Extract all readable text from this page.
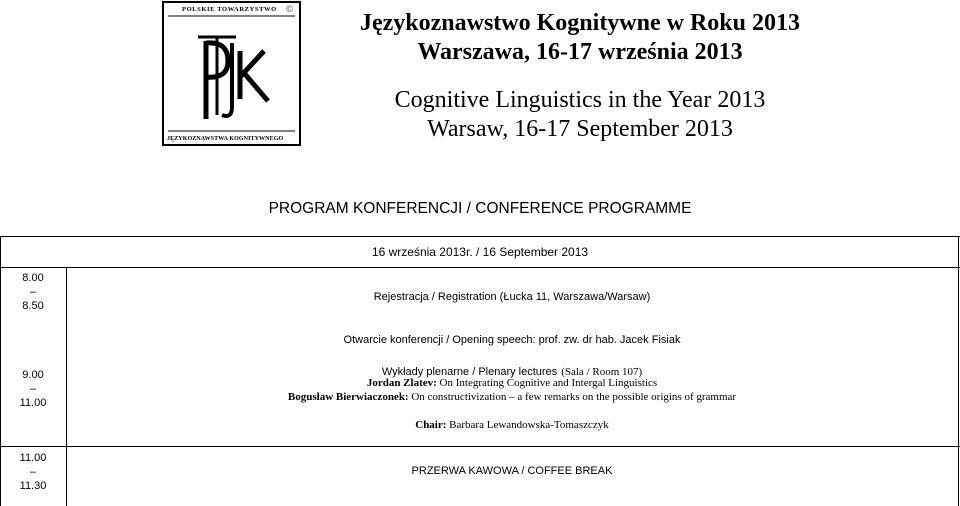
POLSKIE TOWARZYSTWO ©
JĘZYKOZNAWSTWA KOGNITYWNEGO
Językoznawstwo Kognitywne w Roku 2013
Warszawa, 16-17 września 2013
Cognitive Linguistics in the Year 2013
Warsaw, 16-17 September 2013
PROGRAM KONFERENCJI / CONFERENCE PROGRAMME
16 września 2013r. / 16 September 2013
8.00
–
8.50
Rejestracja / Registration (Łucka 11, Warszawa/Warsaw)
Otwarcie konferencji / Opening speech: prof. zw. dr hab. Jacek Fisiak
9.00
–
11.00
Wykłady plenarne / Plenary lectures (Sala / Room 107)
Jordan Zlatev: On Integrating Cognitive and Intergal Linguistics
Bogusław Bierwiaczonek: On constructivization – a few remarks on the possible origins of grammar
Chair: Barbara Lewandowska-Tomaszczyk
11.00
–
11.30
PRZERWA KAWOWA / COFFEE BREAK
